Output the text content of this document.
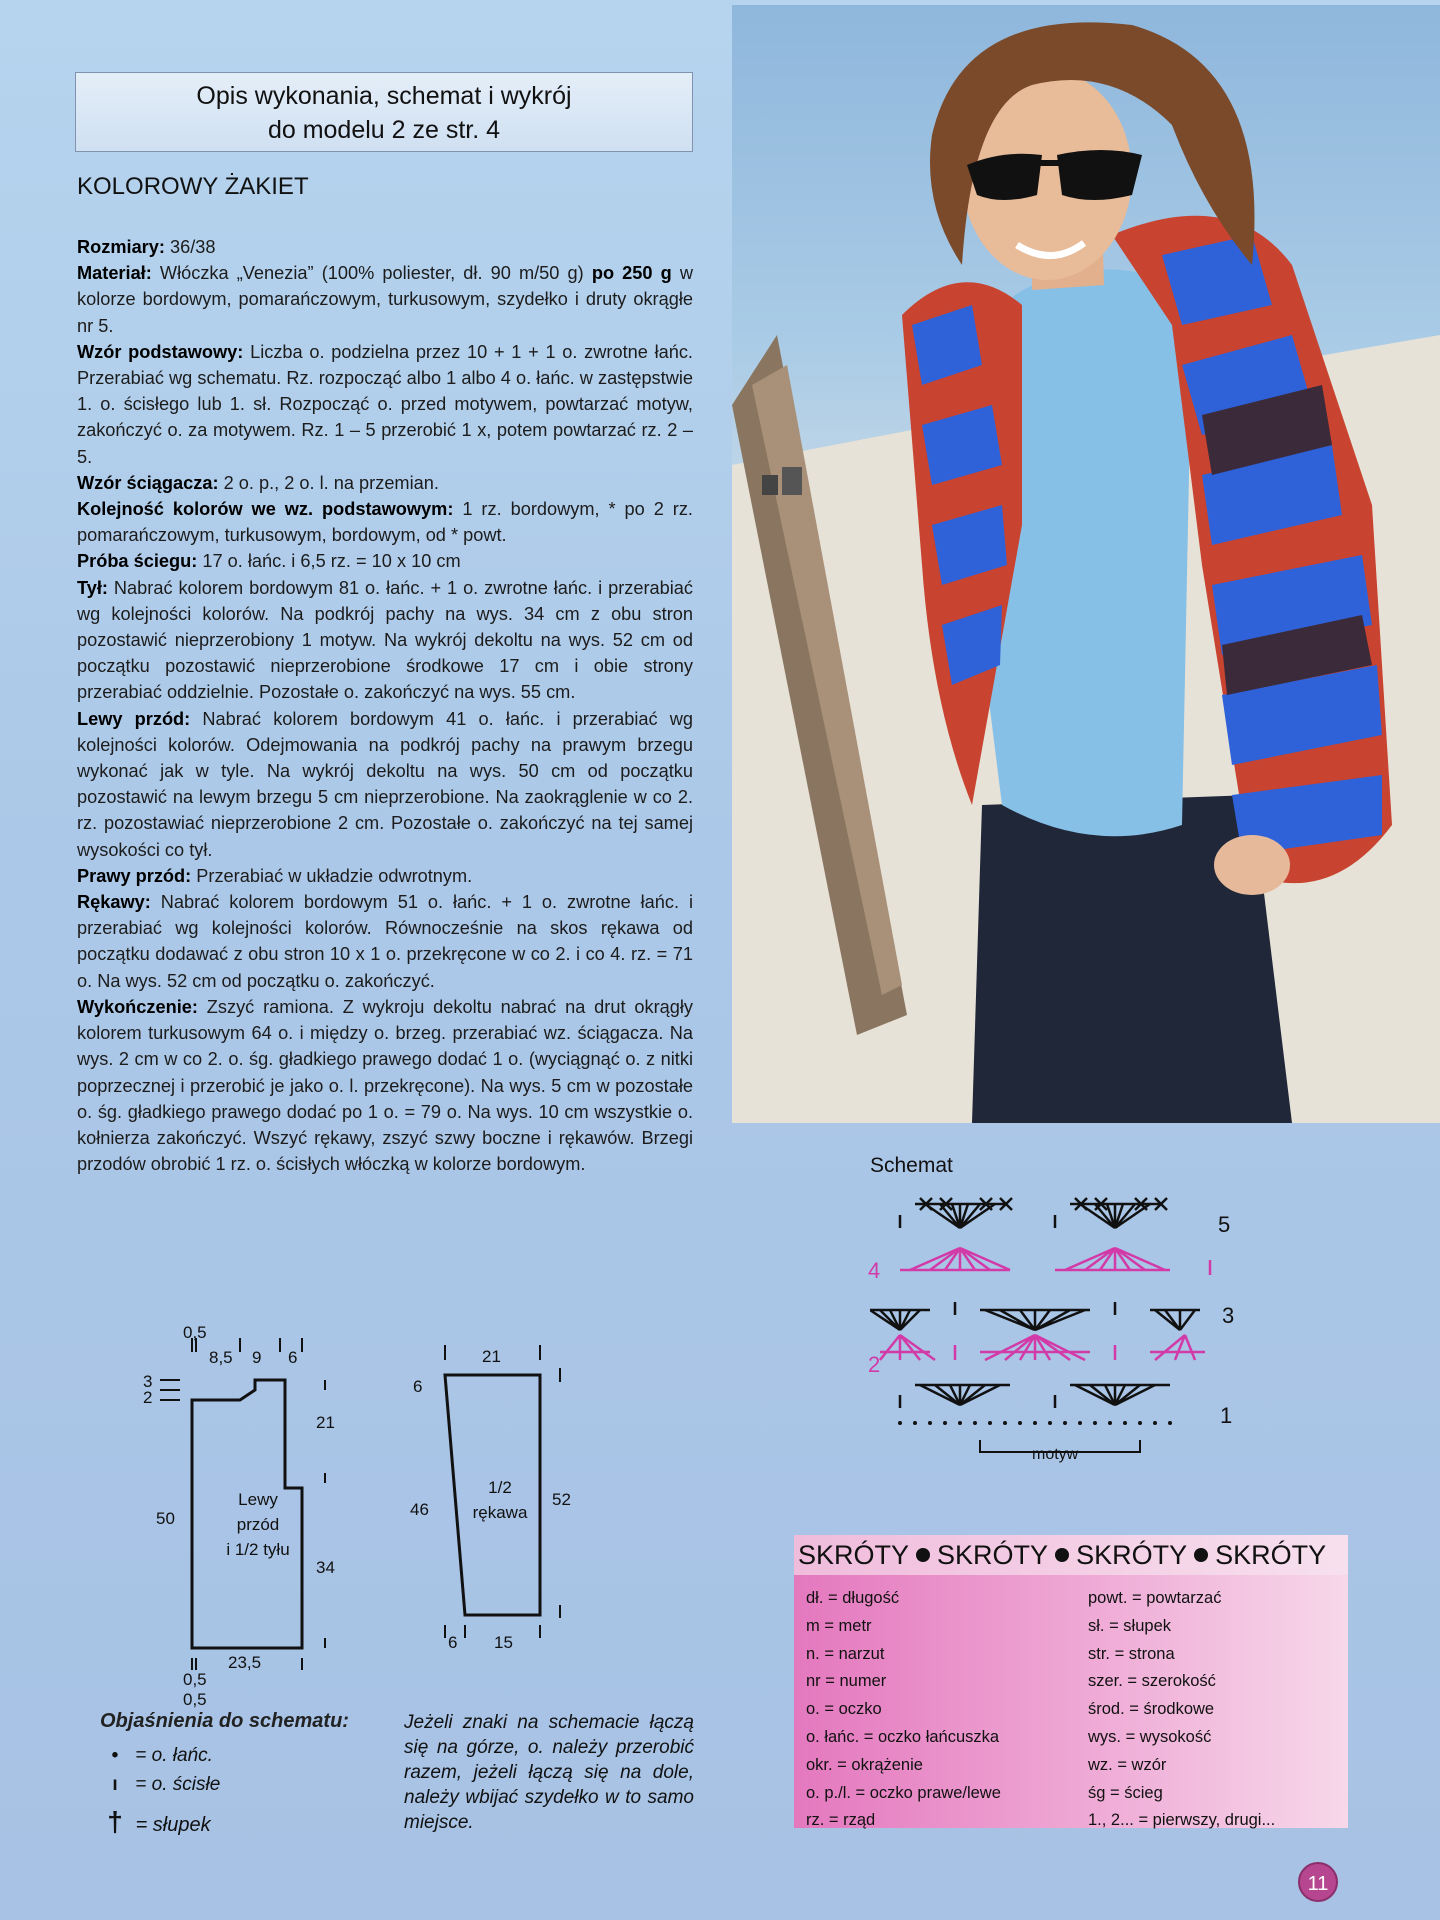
Opis wykonania, schemat i wykrój
do modelu 2 ze str. 4
KOLOROWY ŻAKIET

Rozmiary: 36/38

Materiał: Włóczka „Venezia” (100% poliester, dł. 90 m/50 g) po 250 g w kolorze bordowym, pomarańczowym, turkusowym, szydełko i druty okrągłe nr 5.

Wzór podstawowy: Liczba o. podzielna przez 10 + 1 + 1 o. zwrotne łańc. Przerabiać wg schematu. Rz. rozpocząć albo 1 albo 4 o. łańc. w zastępstwie 1. o. ścisłego lub 1. sł. Rozpocząć o. przed motywem, powtarzać motyw, zakończyć o. za motywem. Rz. 1 – 5 przerobić 1 x, potem powtarzać rz. 2 – 5.

Wzór ściągacza: 2 o. p., 2 o. l. na przemian.

Kolejność kolorów we wz. podstawowym: 1 rz. bordowym, * po 2 rz. pomarańczowym, turkusowym, bordowym, od * powt.

Próba ściegu: 17 o. łańc. i 6,5 rz. = 10 x 10 cm

Tył: Nabrać kolorem bordowym 81 o. łańc. + 1 o. zwrotne łańc. i przerabiać wg kolejności kolorów. Na podkrój pachy na wys. 34 cm z obu stron pozostawić nieprzerobiony 1 motyw. Na wykrój dekoltu na wys. 52 cm od początku pozostawić nieprzerobione środkowe 17 cm i obie strony przerabiać oddzielnie. Pozostałe o. zakończyć na wys. 55 cm.

Lewy przód: Nabrać kolorem bordowym 41 o. łańc. i przerabiać wg kolejności kolorów. Odejmowania na podkrój pachy na prawym brzegu wykonać jak w tyle. Na wykrój dekoltu na wys. 50 cm od początku pozostawić na lewym brzegu 5 cm nieprzerobione. Na zaokrąglenie w co 2. rz. pozostawiać nieprzerobione 2 cm. Pozostałe o. zakończyć na tej samej wysokości co tył.

Prawy przód: Przerabiać w układzie odwrotnym.

Rękawy: Nabrać kolorem bordowym 51 o. łańc. + 1 o. zwrotne łańc. i przerabiać wg kolejności kolorów. Równocześnie na skos rękawa od początku dodawać z obu stron 10 x 1 o. przekręcone w co 2. i co 4. rz. = 71 o. Na wys. 52 cm od początku o. zakończyć.

Wykończenie: Zszyć ramiona. Z wykroju dekoltu nabrać na drut okrągły kolorem turkusowym 64 o. i między o. brzeg. przerabiać wz. ściągacza. Na wys. 2 cm w co 2. o. śg. gładkiego prawego dodać 1 o. (wyciągnąć o. z nitki poprzecznej i przerobić je jako o. l. przekręcone). Na wys. 5 cm w pozostałe o. śg. gładkiego prawego dodać po 1 o. = 79 o. Na wys. 10 cm wszystkie o. kołnierza zakończyć. Wszyć rękawy, zszyć szwy boczne i rękawów. Brzegi przodów obrobić 1 rz. o. ścisłych włóczką w kolorze bordowym.

0,5
8,5 9 6
3
2
21
50
34
Lewy
przód
i 1/2 tyłu
0,5
23,5
0,5
21
6
46
52
6 15
1/2
rękawa
Schemat
5
4
3
2
1
motyw
Objaśnienia do schematu:
• = o. łańc.
ı = o. ścisłe
† = słupek
Jeżeli znaki na schemacie łączą się na górze, o. należy przerobić razem, jeżeli łączą się na dole, należy wbijać szydełko w to samo miejsce.
SKRÓTY SKRÓTY SKRÓTY SKRÓTY
dł. = długość
m = metr
n. = narzut
nr = numer
o. = oczko
o. łańc. = oczko łańcuszka
okr. = okrążenie
o. p./l. = oczko prawe/lewe
rz. = rząd
powt. = powtarzać
sł. = słupek
str. = strona
szer. = szerokość
środ. = środkowe
wys. = wysokość
wz. = wzór
śg = ścieg
1., 2... = pierwszy, drugi...
11
